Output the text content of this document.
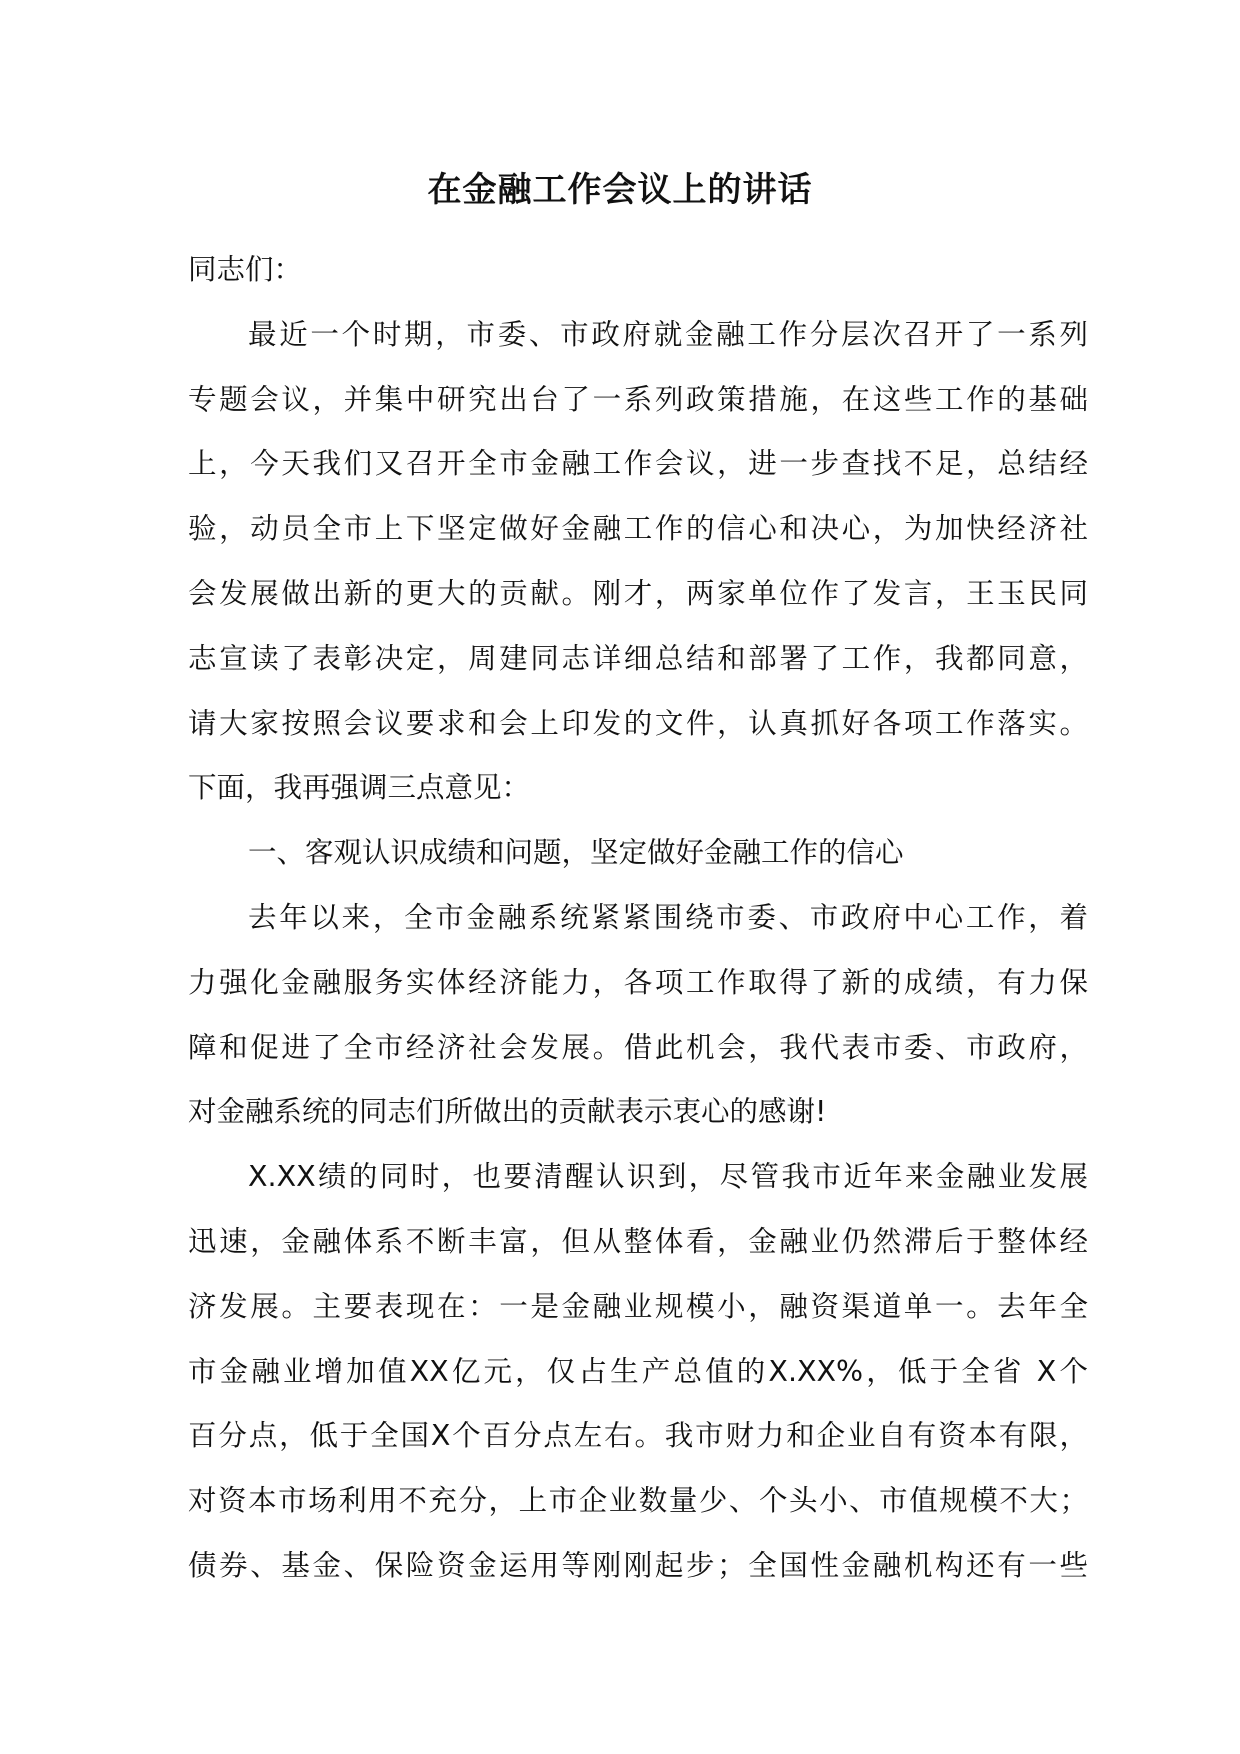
在金融工作会议上的讲话
同志们：
最近一个时期，市委、市政府就金融工作分层次召开了一系列
专题会议，并集中研究出台了一系列政策措施，在这些工作的基础
上，今天我们又召开全市金融工作会议，进一步查找不足，总结经
验，动员全市上下坚定做好金融工作的信心和决心，为加快经济社
会发展做出新的更大的贡献。刚才，两家单位作了发言，王玉民同
志宣读了表彰决定，周建同志详细总结和部署了工作，我都同意，
请大家按照会议要求和会上印发的文件，认真抓好各项工作落实。
下面，我再强调三点意见：
一、客观认识成绩和问题，坚定做好金融工作的信心
去年以来，全市金融系统紧紧围绕市委、市政府中心工作，着
力强化金融服务实体经济能力，各项工作取得了新的成绩，有力保
障和促进了全市经济社会发展。借此机会，我代表市委、市政府，
对金融系统的同志们所做出的贡献表示衷心的感谢!
X.XX绩的同时，也要清醒认识到，尽管我市近年来金融业发展
迅速，金融体系不断丰富，但从整体看，金融业仍然滞后于整体经
济发展。主要表现在：一是金融业规模小，融资渠道单一。去年全
市金融业增加值XX亿元，仅占生产总值的X.XX%，低于全省 X个
百分点，低于全国X个百分点左右。我市财力和企业自有资本有限，
对资本市场利用不充分，上市企业数量少、个头小、市值规模不大；
债券、基金、保险资金运用等刚刚起步；全国性金融机构还有一些
